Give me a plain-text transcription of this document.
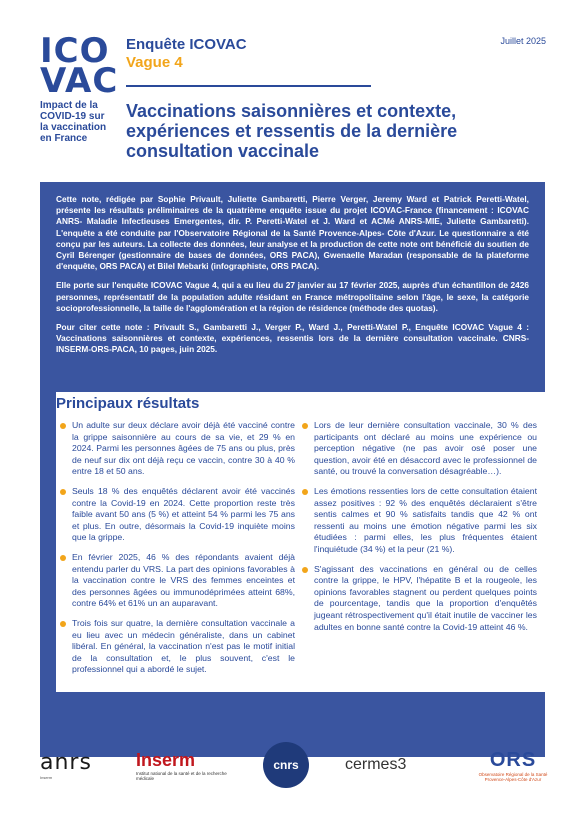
ICO
VAC
Impact de la COVID-19 sur la vaccination en France
Juillet 2025
Enquête ICOVAC
Vague 4
Vaccinations saisonnières et contexte, expériences et ressentis de la dernière consultation vaccinale

Cette note, rédigée par Sophie Privault, Juliette Gambaretti, Pierre Verger, Jeremy Ward et Patrick Peretti-Watel, présente les résultats préliminaires de la quatrième enquête issue du projet ICOVAC-France (financement : ICOVAC ANRS- Maladie Infectieuses Emergentes, dir. P. Peretti-Watel et J. Ward et ACMé ANRS-MIE, Juliette Gambaretti). L'enquête a été conduite par l'Observatoire Régional de la Santé Provence-Alpes- Côte d'Azur. Le questionnaire a été conçu par les auteurs. La collecte des données, leur analyse et la production de cette note ont bénéficié du soutien de Cyril Bérenger (gestionnaire de bases de données, ORS PACA), Gwenaelle Maradan (responsable de la plateforme d'enquête, ORS PACA) et Bilel Mebarki (infographiste, ORS PACA).

Elle porte sur l'enquête ICOVAC Vague 4, qui a eu lieu du 27 janvier au 17 février 2025, auprès d'un échantillon de 2426 personnes, représentatif de la population adulte résidant en France métropolitaine selon l'âge, le sexe, la catégorie socioprofessionnelle, la taille de l'agglomération et la région de résidence (méthode des quotas).

Pour citer cette note : Privault S., Gambaretti J., Verger P., Ward J., Peretti-Watel P., Enquête ICOVAC Vague 4 : Vaccinations saisonnières et contexte, expériences, ressentis lors de la dernière consultation vaccinale. CNRS-INSERM-ORS-PACA, 10 pages, juin 2025.

Principaux résultats
Un adulte sur deux déclare avoir déjà été vacciné contre la grippe saisonnière au cours de sa vie, et 29 % en 2024. Parmi les personnes âgées de 75 ans ou plus, près de neuf sur dix ont déjà reçu ce vaccin, contre 30 à 40 % entre 18 et 50 ans.
Seuls 18 % des enquêtés déclarent avoir été vaccinés contre la Covid-19 en 2024. Cette proportion reste très faible avant 50 ans (5 %) et atteint 54 % parmi les 75 ans et plus. En outre, désormais la Covid-19 inquiète moins que la grippe.
En février 2025, 46 % des répondants avaient déjà entendu parler du VRS. La part des opinions favorables à la vaccination contre le VRS des femmes enceintes et des personnes âgées ou immunodéprimées atteint 68%, contre 64% et 61% un an auparavant.
Trois fois sur quatre, la dernière consultation vaccinale a eu lieu avec un médecin généraliste, dans un cabinet libéral. En général, la vaccination n'est pas le motif initial de la consultation et, le plus souvent, c'est le professionnel qui a abordé le sujet.
Lors de leur dernière consultation vaccinale, 30 % des participants ont déclaré au moins une expérience ou perception négative (ne pas avoir osé poser une question, avoir été en désaccord avec le professionnel de santé, ou trouvé la conversation désagréable…).
Les émotions ressenties lors de cette consultation étaient assez positives : 92 % des enquêtés déclaraient s'être sentis calmes et 90 % satisfaits tandis que 42 % ont ressenti au moins une émotion négative parmi les six étudiées : parmi elles, les plus fréquentes étaient l'inquiétude (34 %) et la peur (21 %).
S'agissant des vaccinations en général ou de celles contre la grippe, le HPV, l'hépatite B et la rougeole, les opinions favorables stagnent ou perdent quelques points de pourcentage, tandis que la proportion d'enquêtés jugeant rétrospectivement qu'il était inutile de vacciner les adultes en bonne santé contre la Covid-19 atteint 46 %.
anrs
Inserm
Inserm
Institut national de la santé et de la recherche médicale
cnrs	cermes3	ORS
Observatoire Régional de la Santé Provence-Alpes-Côte d'Azur
